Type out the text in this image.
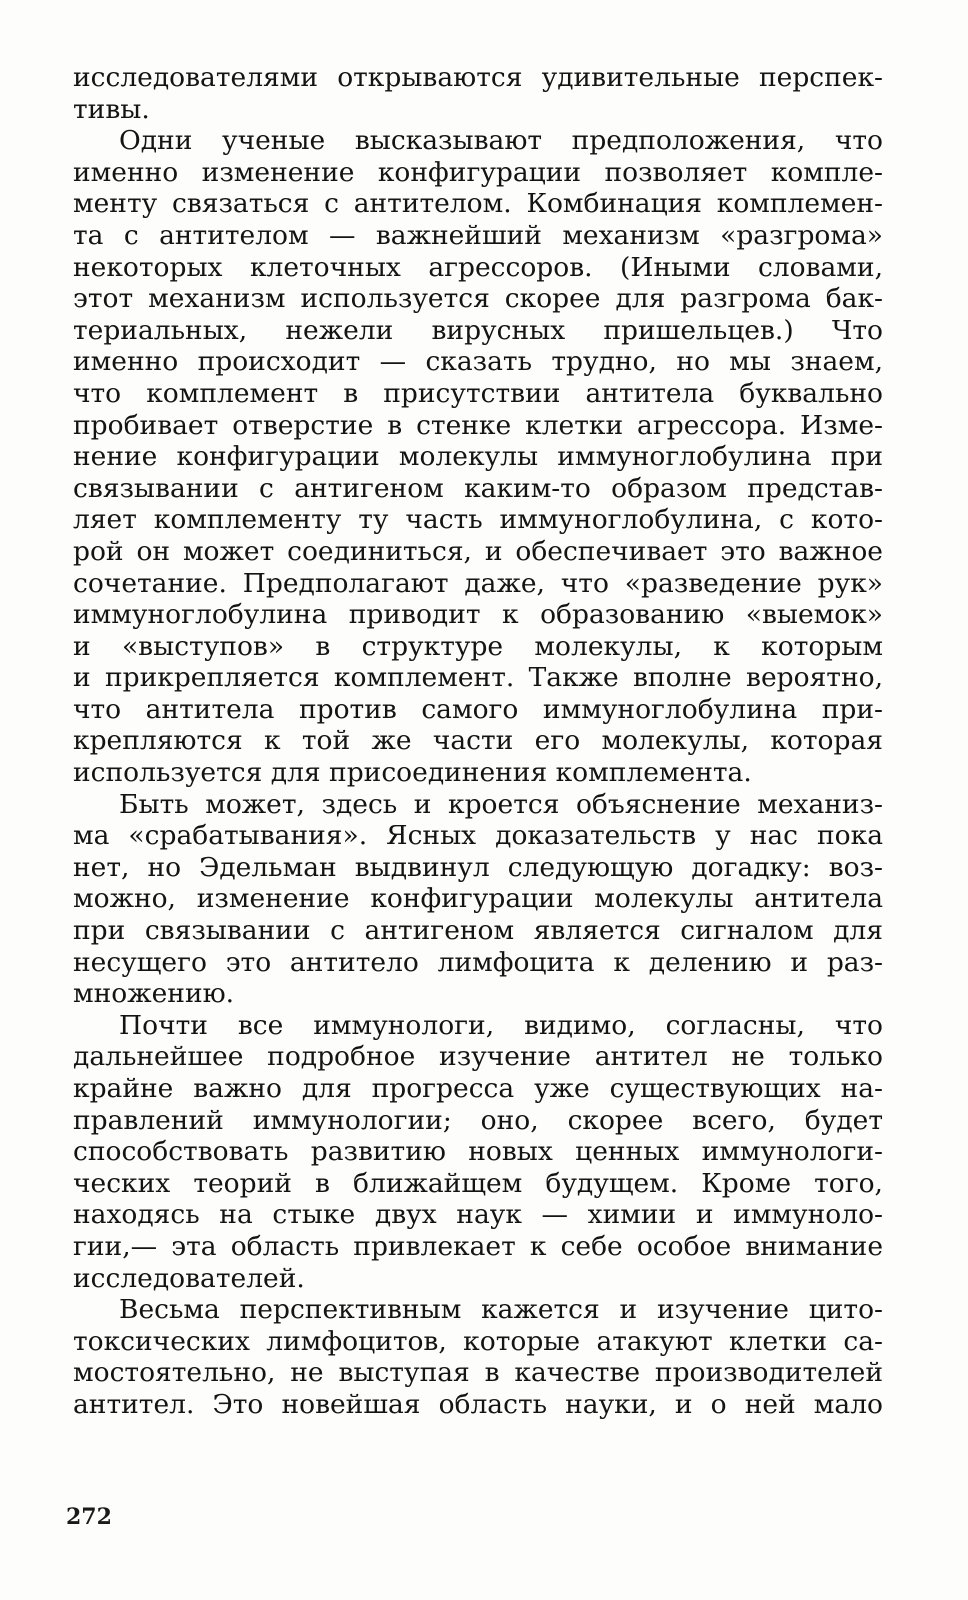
исследователями открываются удивительные перспек-
тивы.
Одни ученые высказывают предположения, что
именно изменение конфигурации позволяет компле-
менту связаться с антителом. Комбинация комплемен-
та с антителом — важнейший механизм «разгрома»
некоторых клеточных агрессоров. (Иными словами,
этот механизм используется скорее для разгрома бак-
териальных, нежели вирусных пришельцев.) Что
именно происходит — сказать трудно, но мы знаем,
что комплемент в присутствии антитела буквально
пробивает отверстие в стенке клетки агрессора. Изме-
нение конфигурации молекулы иммуноглобулина при
связывании с антигеном каким-то образом представ-
ляет комплементу ту часть иммуноглобулина, с кото-
рой он может соединиться, и обеспечивает это важное
сочетание. Предполагают даже, что «разведение рук»
иммуноглобулина приводит к образованию «выемок»
и «выступов» в структуре молекулы, к которым
и прикрепляется комплемент. Также вполне вероятно,
что антитела против самого иммуноглобулина при-
крепляются к той же части его молекулы, которая
используется для присоединения комплемента.
Быть может, здесь и кроется объяснение механиз-
ма «срабатывания». Ясных доказательств у нас пока
нет, но Эдельман выдвинул следующую догадку: воз-
можно, изменение конфигурации молекулы антитела
при связывании с антигеном является сигналом для
несущего это антитело лимфоцита к делению и раз-
множению.
Почти все иммунологи, видимо, согласны, что
дальнейшее подробное изучение антител не только
крайне важно для прогресса уже существующих на-
правлений иммунологии; оно, скорее всего, будет
способствовать развитию новых ценных иммунологи-
ческих теорий в ближайщем будущем. Кроме того,
находясь на стыке двух наук — химии и иммуноло-
гии,— эта область привлекает к себе особое внимание
исследователей.
Весьма перспективным кажется и изучение цито-
токсических лимфоцитов, которые атакуют клетки са-
мостоятельно, не выступая в качестве производителей
антител. Это новейшая область науки, и о ней мало
272
